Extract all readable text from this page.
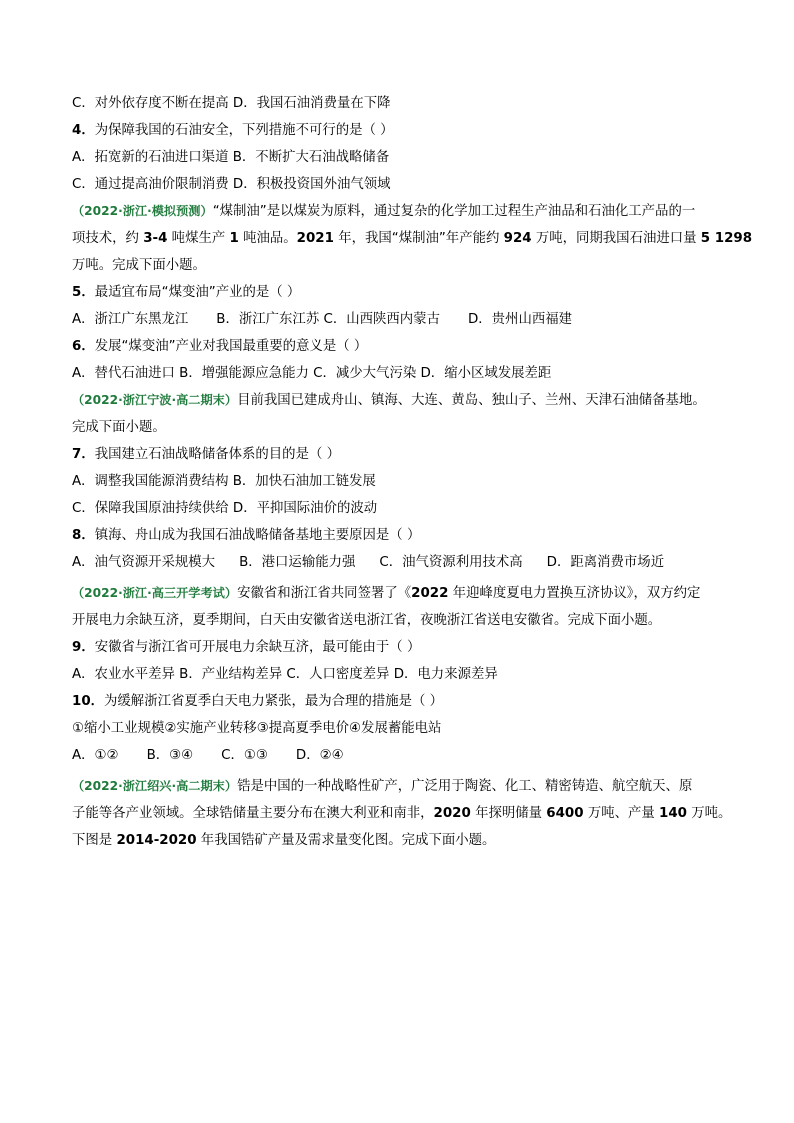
C．对外依存度不断在提高 D．我国石油消费量在下降
4．为保障我国的石油安全，下列措施不可行的是（ ）
A．拓宽新的石油进口渠道 B．不断扩大石油战略储备
C．通过提高油价限制消费 D．积极投资国外油气领域
（2022·浙江·模拟预测）“煤制油”是以煤炭为原料，通过复杂的化学加工过程生产油品和石油化工产品的一
项技术，约 3-4 吨煤生产 1 吨油品。2021 年，我国“煤制油”年产能约 924 万吨，同期我国石油进口量 5 1298
万吨。完成下面小题。
5．最适宜布局“煤变油”产业的是（ ）
A．浙江广东黑龙江 B．浙江广东江苏 C．山西陕西内蒙古 D．贵州山西福建
6．发展“煤变油”产业对我国最重要的意义是（ ）
A．替代石油进口 B．增强能源应急能力 C．减少大气污染 D．缩小区域发展差距
（2022·浙江宁波·高二期末）目前我国已建成舟山、镇海、大连、黄岛、独山子、兰州、天津石油储备基地。
完成下面小题。
7．我国建立石油战略储备体系的目的是（ ）
A．调整我国能源消费结构 B．加快石油加工链发展
C．保障我国原油持续供给 D．平抑国际油价的波动
8．镇海、舟山成为我国石油战略储备基地主要原因是（ ）
A．油气资源开采规模大 B．港口运输能力强 C．油气资源利用技术高 D．距离消费市场近
（2022·浙江·高三开学考试）安徽省和浙江省共同签署了《2022 年迎峰度夏电力置换互济协议》，双方约定
开展电力余缺互济，夏季期间，白天由安徽省送电浙江省，夜晚浙江省送电安徽省。完成下面小题。
9．安徽省与浙江省可开展电力余缺互济，最可能由于（ ）
A．农业水平差异 B．产业结构差异 C．人口密度差异 D．电力来源差异
10．为缓解浙江省夏季白天电力紧张，最为合理的措施是（ ）
①缩小工业规模②实施产业转移③提高夏季电价④发展蓄能电站
A．①② B．③④ C．①③ D．②④
（2022·浙江绍兴·高二期末）锆是中国的一种战略性矿产，广泛用于陶瓷、化工、精密铸造、航空航天、原
子能等各产业领域。全球锆储量主要分布在澳大利亚和南非，2020 年探明储量 6400 万吨、产量 140 万吨。
下图是 2014-2020 年我国锆矿产量及需求量变化图。完成下面小题。
